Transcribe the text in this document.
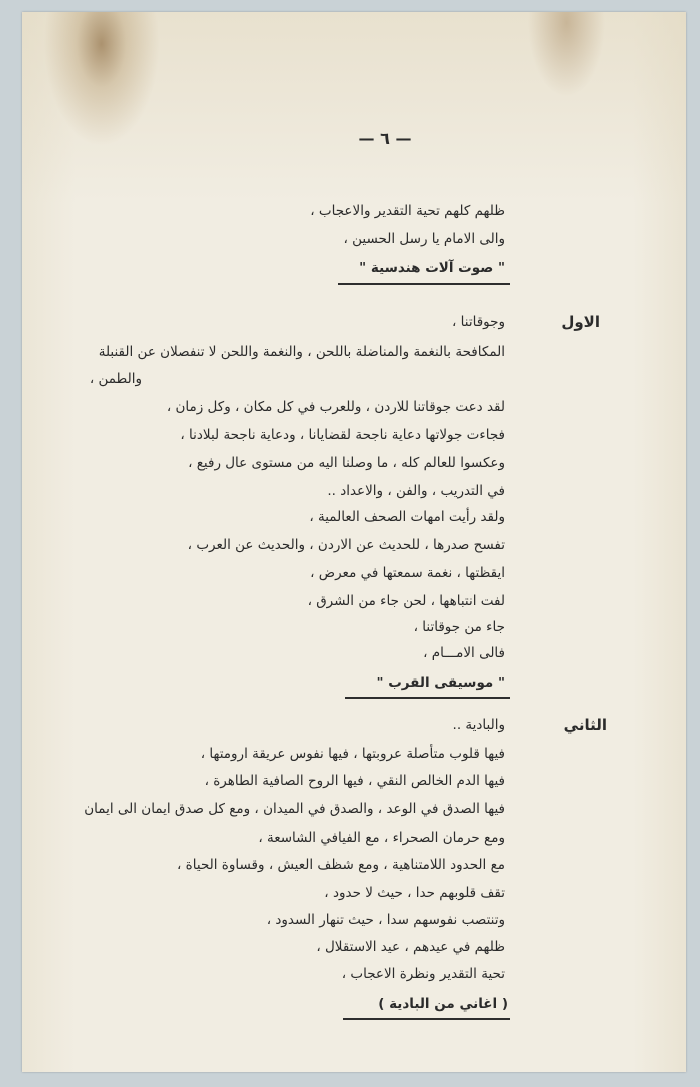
— ٦ —
ظلهم كلهم تحية التقدير والاعجاب ،
والى الامام يا رسل الحسين ،
" صوت آلات هندسية "
الاول
وجوقاتنا ،
المكافحة بالنغمة والمناضلة باللحن ، والنغمة واللحن لا تنفصلان عن القنبلة
والطمن ،
لقد دعت جوقاتنا للاردن ، وللعرب في كل مكان ، وكل زمان ،
فجاءت جولاتها دعاية ناجحة لقضايانا ، ودعاية ناجحة لبلادنا ،
وعكسوا للعالم كله ، ما وصلنا اليه من مستوى عال رفيع ،
في التدريب ، والفن ، والاعداد ..
ولقد رأيت امهات الصحف العالمية ،
تفسح صدرها ، للحديث عن الاردن ، والحديث عن العرب ،
ايقظتها ، نغمة سمعتها في معرض ،
لفت انتباهها ، لحن جاء من الشرق ،
جاء من جوقاتنا ،
فالى الامـــام ،
" موسيقى القرب "
الثاني
والبادية ..
فيها قلوب متأصلة عروبتها ، فيها نفوس عريقة ارومتها ،
فيها الدم الخالص النقي ، فيها الروح الصافية الطاهرة ،
فيها الصدق في الوعد ، والصدق في الميدان ، ومع كل صدق ايمان الى ايمان
ومع حرمان الصحراء ، مع الفيافي الشاسعة ،
مع الحدود اللامتناهية ، ومع شظف العيش ، وقساوة الحياة ،
تقف قلوبهم حدا ، حيث لا حدود ،
وتنتصب نفوسهم سدا ، حيث تنهار السدود ،
ظلهم في عيدهم ، عيد الاستقلال ،
تحية التقدير ونظرة الاعجاب ،
( اغاني من البادية )
